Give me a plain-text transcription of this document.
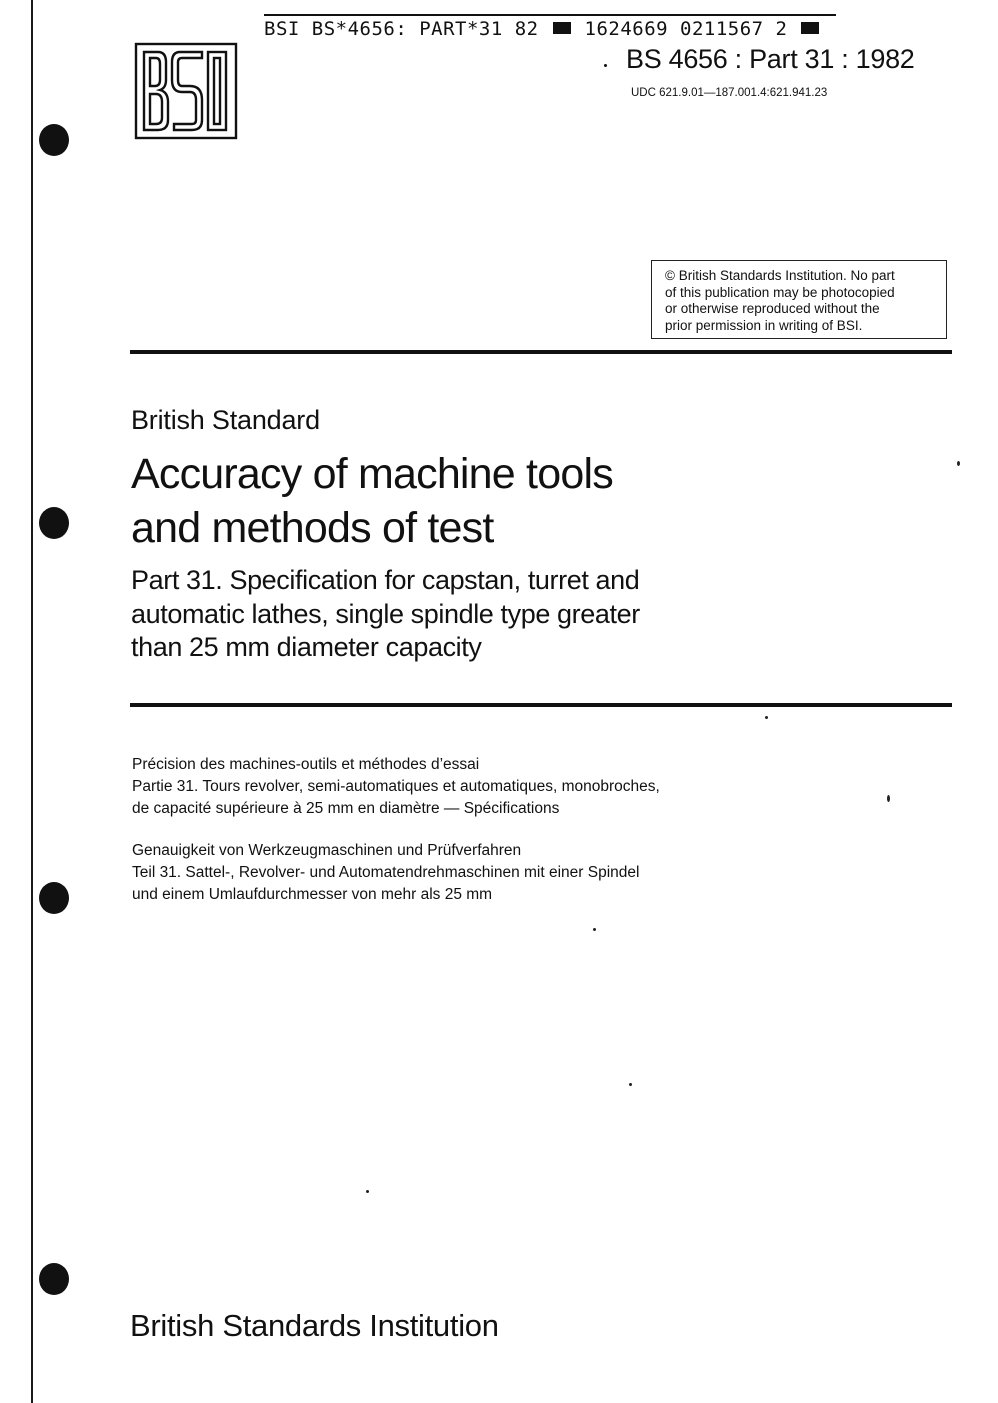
BSI BS*4656: PART*31 82 1624669 0211567 2
BS 4656 : Part 31 : 1982
UDC 621.9.01—187.001.4:621.941.23
© British Standards Institution. No part
of this publication may be photocopied
or otherwise reproduced without the
prior permission in writing of BSI.
British Standard
Accuracy of machine tools
and methods of test
Part 31. Specification for capstan, turret and
automatic lathes, single spindle type greater
than 25 mm diameter capacity

Précision des machines-outils et méthodes d’essai
Partie 31. Tours revolver, semi-automatiques et automatiques, monobroches,
de capacité supérieure à 25 mm en diamètre — Spécifications

Genauigkeit von Werkzeugmaschinen und Prüfverfahren
Teil 31. Sattel-, Revolver- und Automatendrehmaschinen mit einer Spindel
und einem Umlaufdurchmesser von mehr als 25 mm

British Standards Institution
